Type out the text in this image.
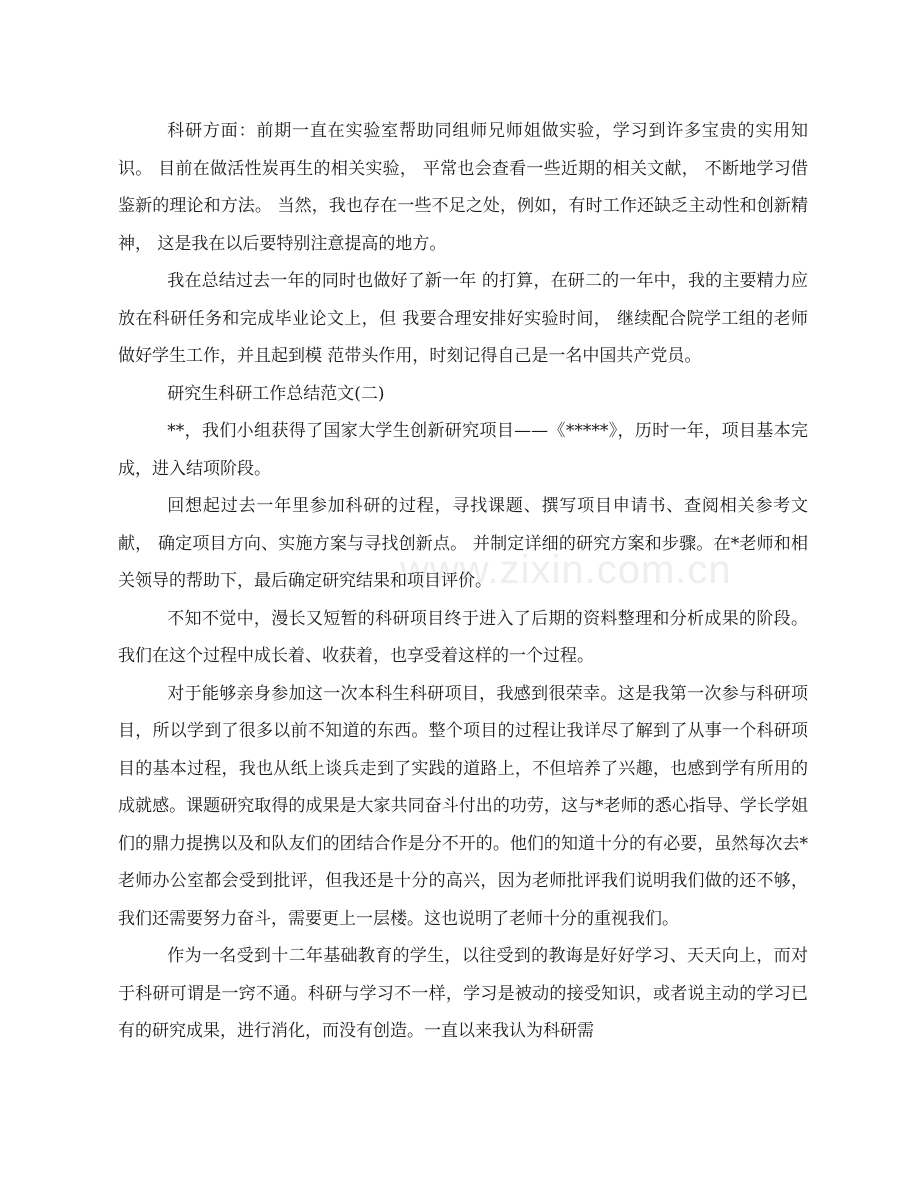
www.zixin.com.cn

科研方面：前期一直在实验室帮助同组师兄师姐做实验，学习到许多宝贵的实用知识。 目前在做活性炭再生的相关实验， 平常也会查看一些近期的相关文献， 不断地学习借鉴新的理论和方法。 当然，我也存在一些不足之处，例如，有时工作还缺乏主动性和创新精神， 这是我在以后要特别注意提高的地方。

我在总结过去一年的同时也做好了新一年 的打算，在研二的一年中，我的主要精力应放在科研任务和完成毕业论文上，但 我要合理安排好实验时间， 继续配合院学工组的老师做好学生工作，并且起到模 范带头作用，时刻记得自己是一名中国共产党员。

研究生科研工作总结范文(二)

**，我们小组获得了国家大学生创新研究项目——《*****》，历时一年，项目基本完成，进入结项阶段。

回想起过去一年里参加科研的过程，寻找课题、撰写项目申请书、查阅相关参考文献， 确定项目方向、实施方案与寻找创新点。 并制定详细的研究方案和步骤。在*老师和相关领导的帮助下，最后确定研究结果和项目评价。

不知不觉中，漫长又短暂的科研项目终于进入了后期的资料整理和分析成果的阶段。我们在这个过程中成长着、收获着，也享受着这样的一个过程。

对于能够亲身参加这一次本科生科研项目，我感到很荣幸。这是我第一次参与科研项目，所以学到了很多以前不知道的东西。整个项目的过程让我详尽了解到了从事一个科研项目的基本过程，我也从纸上谈兵走到了实践的道路上，不但培养了兴趣，也感到学有所用的成就感。课题研究取得的成果是大家共同奋斗付出的功劳，这与*老师的悉心指导、学长学姐们的鼎力提携以及和队友们的团结合作是分不开的。他们的知道十分的有必要，虽然每次去*老师办公室都会受到批评，但我还是十分的高兴，因为老师批评我们说明我们做的还不够，我们还需要努力奋斗，需要更上一层楼。这也说明了老师十分的重视我们。

作为一名受到十二年基础教育的学生，以往受到的教诲是好好学习、天天向上，而对于科研可谓是一窍不通。科研与学习不一样，学习是被动的接受知识，或者说主动的学习已有的研究成果，进行消化，而没有创造。一直以来我认为科研需
